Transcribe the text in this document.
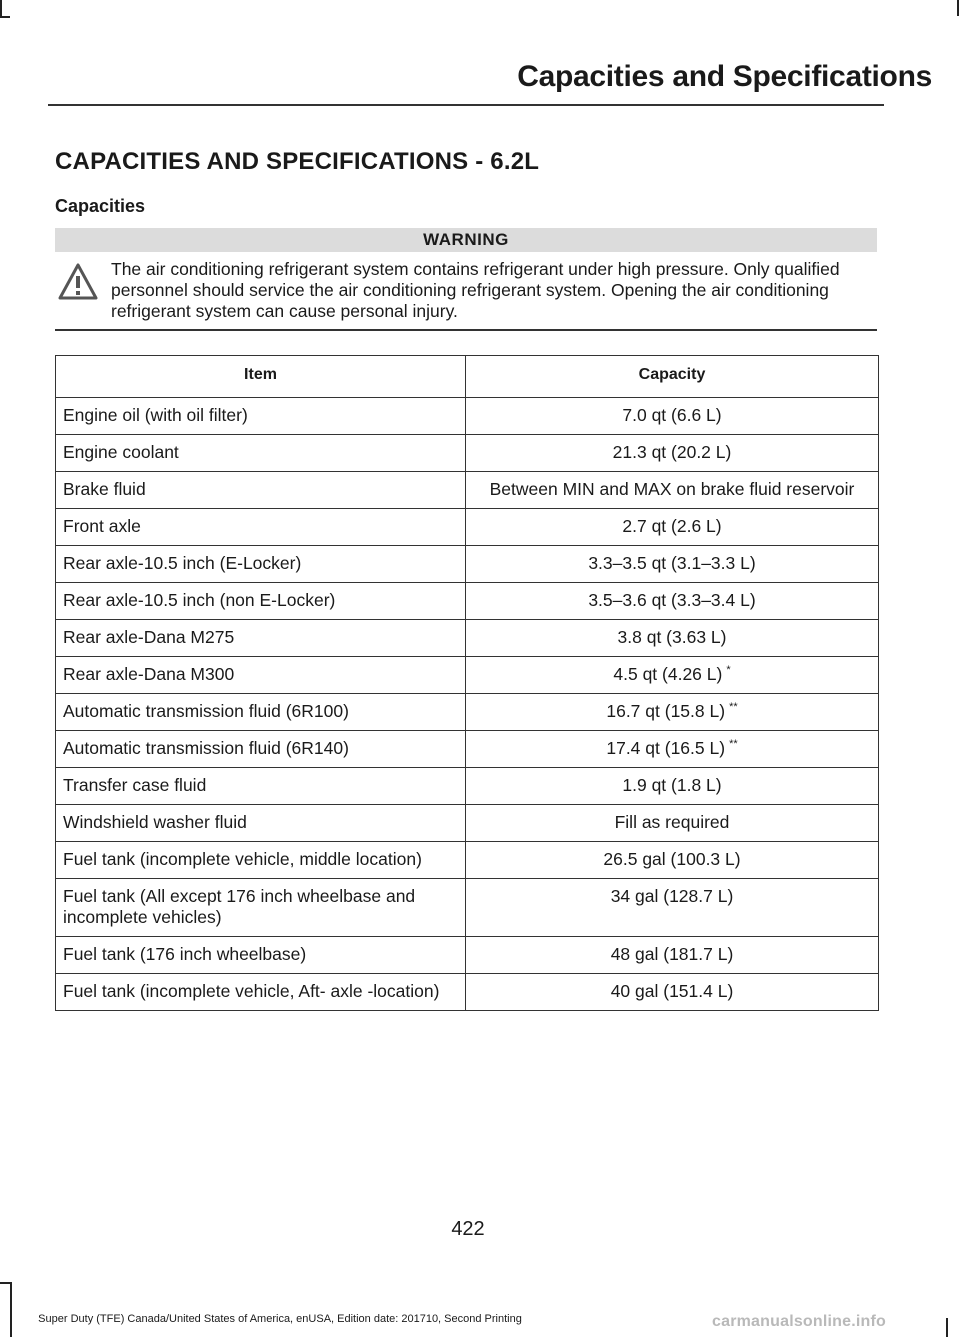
Capacities and Specifications
CAPACITIES AND SPECIFICATIONS - 6.2L
Capacities
WARNING
The air conditioning refrigerant system contains refrigerant under high pressure. Only qualified personnel should service the air conditioning refrigerant system. Opening the air conditioning refrigerant system can cause personal injury.
Item	Capacity
Engine oil (with oil filter)	7.0 qt (6.6 L)
Engine coolant	21.3 qt (20.2 L)
Brake fluid	Between MIN and MAX on brake fluid reservoir
Front axle	2.7 qt (2.6 L)
Rear axle-10.5 inch (E-Locker)	3.3–3.5 qt (3.1–3.3 L)
Rear axle-10.5 inch (non E-Locker)	3.5–3.6 qt (3.3–3.4 L)
Rear axle-Dana M275	3.8 qt (3.63 L)
Rear axle-Dana M300	4.5 qt (4.26 L) *
Automatic transmission fluid (6R100)	16.7 qt (15.8 L) **
Automatic transmission fluid (6R140)	17.4 qt (16.5 L) **
Transfer case fluid	1.9 qt (1.8 L)
Windshield washer fluid	Fill as required
Fuel tank (incomplete vehicle, middle location)	26.5 gal (100.3 L)
Fuel tank (All except 176 inch wheelbase and incomplete vehicles)	34 gal (128.7 L)
Fuel tank (176 inch wheelbase)	48 gal (181.7 L)
Fuel tank (incomplete vehicle, Aft- axle -location)	40 gal (151.4 L)
422
Super Duty (TFE) Canada/United States of America, enUSA, Edition date: 201710, Second Printing	carmanualsonline.info
